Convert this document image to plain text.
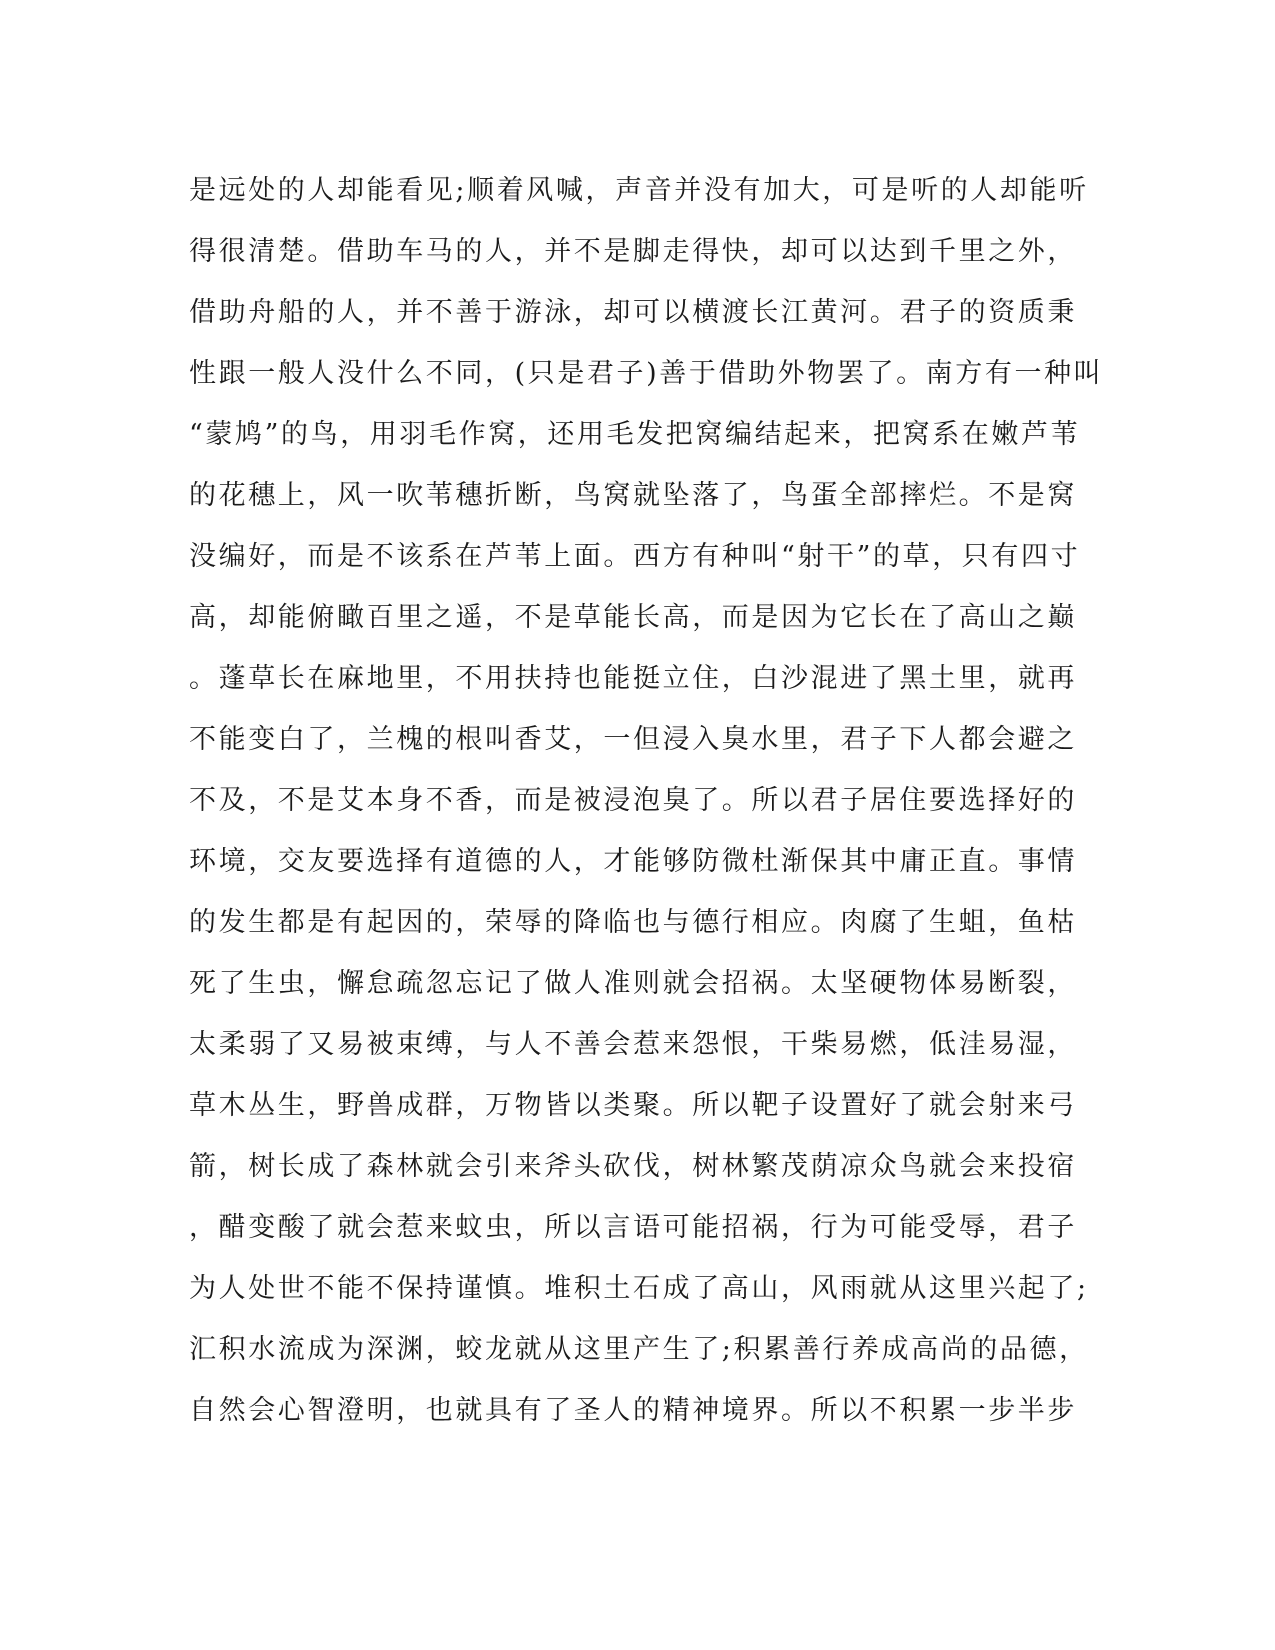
是远处的人却能看见;顺着风喊，声音并没有加大，可是听的人却能听
得很清楚。借助车马的人，并不是脚走得快，却可以达到千里之外，
借助舟船的人，并不善于游泳，却可以横渡长江黄河。君子的资质秉
性跟一般人没什么不同，(只是君子)善于借助外物罢了。南方有一种叫
“蒙鸠”的鸟，用羽毛作窝，还用毛发把窝编结起来，把窝系在嫩芦苇
的花穗上，风一吹苇穗折断，鸟窝就坠落了，鸟蛋全部摔烂。不是窝
没编好，而是不该系在芦苇上面。西方有种叫“射干”的草，只有四寸
高，却能俯瞰百里之遥，不是草能长高，而是因为它长在了高山之巅
。蓬草长在麻地里，不用扶持也能挺立住，白沙混进了黑土里，就再
不能变白了，兰槐的根叫香艾，一但浸入臭水里，君子下人都会避之
不及，不是艾本身不香，而是被浸泡臭了。所以君子居住要选择好的
环境，交友要选择有道德的人，才能够防微杜渐保其中庸正直。事情
的发生都是有起因的，荣辱的降临也与德行相应。肉腐了生蛆，鱼枯
死了生虫，懈怠疏忽忘记了做人准则就会招祸。太坚硬物体易断裂，
太柔弱了又易被束缚，与人不善会惹来怨恨，干柴易燃，低洼易湿，
草木丛生，野兽成群，万物皆以类聚。所以靶子设置好了就会射来弓
箭，树长成了森林就会引来斧头砍伐，树林繁茂荫凉众鸟就会来投宿
，醋变酸了就会惹来蚊虫，所以言语可能招祸，行为可能受辱，君子
为人处世不能不保持谨慎。堆积土石成了高山，风雨就从这里兴起了;
汇积水流成为深渊，蛟龙就从这里产生了;积累善行养成高尚的品德，
自然会心智澄明，也就具有了圣人的精神境界。所以不积累一步半步
